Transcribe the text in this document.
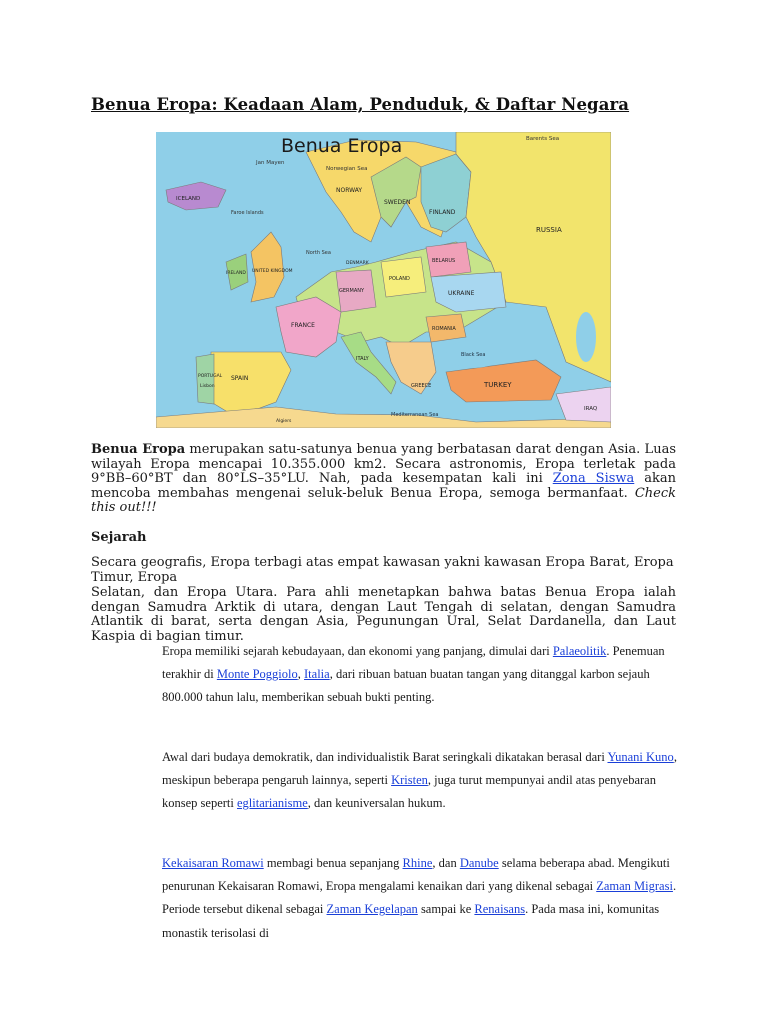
Benua Eropa: Keadaan Alam, Penduduk, & Daftar Negara
Benua Eropa
Jan Mayen
Norwegian Sea
Barents Sea
Faroe Islands
ICELAND
NORWAY
SWEDEN
FINLAND
North Sea
UNITED KINGDOM
IRELAND
DENMARK
GERMANY
POLAND
BELARUS
UKRAINE
RUSSIA
FRANCE
ITALY
ROMANIA
Black Sea
SPAIN
PORTUGAL
Lisbon	TURKEY
GREECE
Mediterranean Sea
IRAQ
Algiers

Benua Eropa merupakan satu-satunya benua yang berbatasan darat dengan Asia. Luas wilayah Eropa mencapai 10.355.000 km2. Secara astronomis, Eropa terletak pada 9°BB–60°BT dan 80°LS–35°LU. Nah, pada kesempatan kali ini Zona Siswa akan mencoba membahas mengenai seluk-beluk Benua Eropa, semoga bermanfaat. Check this out!!!

Sejarah

Secara geografis, Eropa terbagi atas empat kawasan yakni kawasan Eropa Barat, Eropa Timur, Eropa

Selatan, dan Eropa Utara. Para ahli menetapkan bahwa batas Benua Eropa ialah dengan Samudra Arktik di utara, dengan Laut Tengah di selatan, dengan Samudra Atlantik di barat, serta dengan Asia, Pegunungan Ural, Selat Dardanella, dan Laut Kaspia di bagian timur.

Eropa memiliki sejarah kebudayaan, dan ekonomi yang panjang, dimulai dari Palaeolitik. Penemuan terakhir di Monte Poggiolo, Italia, dari ribuan batuan buatan tangan yang ditanggal karbon sejauh 800.000 tahun lalu, memberikan sebuah bukti penting.

Awal dari budaya demokratik, dan individualistik Barat seringkali dikatakan berasal dari Yunani Kuno, meskipun beberapa pengaruh lainnya, seperti Kristen, juga turut mempunyai andil atas penyebaran konsep seperti eglitarianisme, dan keuniversalan hukum.

Kekaisaran Romawi membagi benua sepanjang Rhine, dan Danube selama beberapa abad. Mengikuti penurunan Kekaisaran Romawi, Eropa mengalami kenaikan dari yang dikenal sebagai Zaman Migrasi. Periode tersebut dikenal sebagai Zaman Kegelapan sampai ke Renaisans. Pada masa ini, komunitas monastik terisolasi di
